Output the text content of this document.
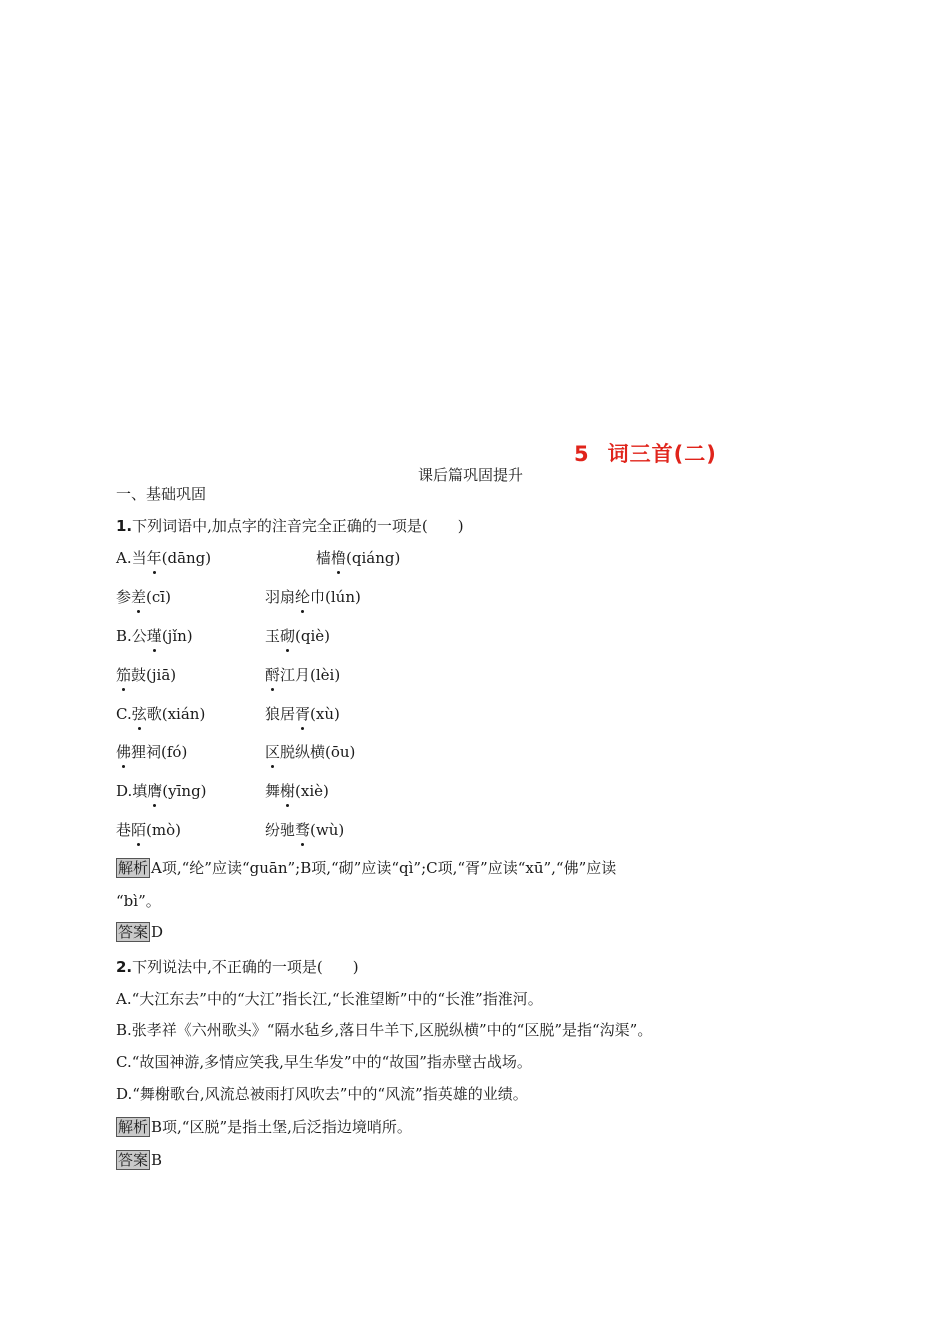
5 词三首(二)
课后篇巩固提升
一、基础巩固
1.下列词语中,加点字的注音完全正确的一项是(　　)
A.当年(dāng)	樯橹(qiáng)
参差(cī)	羽扇纶巾(lún)
B.公瑾(jǐn)	玉砌(qiè)
笳鼓(jiā)	酹江月(lèi)
C.弦歌(xián)	狼居胥(xù)
佛狸祠(fó)	区脱纵横(ōu)
D.填膺(yīng)	舞榭(xiè)
巷陌(mò)	纷驰骛(wù)
解析 A项,“纶”应读“guān”;B项,“砌”应读“qì”;C项,“胥”应读“xū”,“佛”应读
“bì”。
答案 D
2.下列说法中,不正确的一项是(　　)
A.“大江东去”中的“大江”指长江,“长淮望断”中的“长淮”指淮河。
B.张孝祥《六州歌头》“隔水毡乡,落日牛羊下,区脱纵横”中的“区脱”是指“沟渠”。
C.“故国神游,多情应笑我,早生华发”中的“故国”指赤壁古战场。
D.“舞榭歌台,风流总被雨打风吹去”中的“风流”指英雄的业绩。
解析 B项,“区脱”是指土堡,后泛指边境哨所。
答案 B
